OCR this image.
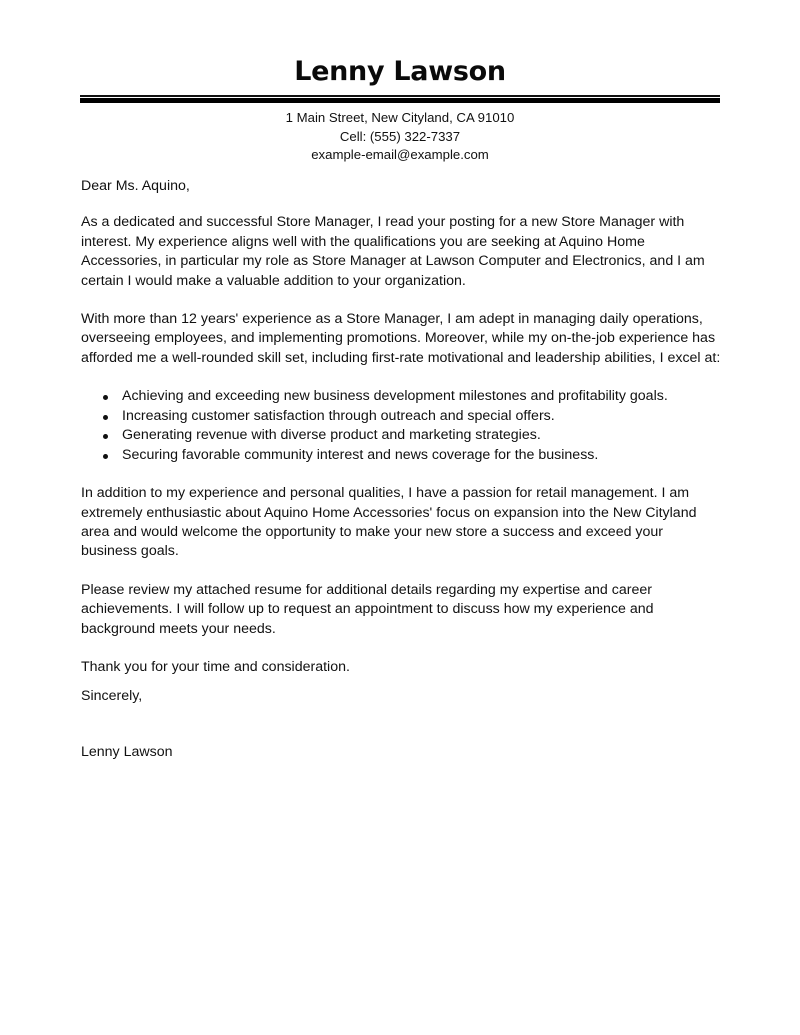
Lenny Lawson
1 Main Street, New Cityland, CA 91010
Cell: (555) 322-7337
example-email@example.com

Dear Ms. Aquino,

As a dedicated and successful Store Manager, I read your posting for a new Store Manager with interest. My experience aligns well with the qualifications you are seeking at Aquino Home Accessories, in particular my role as Store Manager at Lawson Computer and Electronics, and I am certain I would make a valuable addition to your organization.

With more than 12 years' experience as a Store Manager, I am adept in managing daily operations, overseeing employees, and implementing promotions. Moreover, while my on-the-job experience has afforded me a well-rounded skill set, including first-rate motivational and leadership abilities, I excel at:

Achieving and exceeding new business development milestones and profitability goals.
Increasing customer satisfaction through outreach and special offers.
Generating revenue with diverse product and marketing strategies.
Securing favorable community interest and news coverage for the business.

In addition to my experience and personal qualities, I have a passion for retail management. I am extremely enthusiastic about Aquino Home Accessories' focus on expansion into the New Cityland area and would welcome the opportunity to make your new store a success and exceed your business goals.

Please review my attached resume for additional details regarding my expertise and career achievements. I will follow up to request an appointment to discuss how my experience and background meets your needs.

Thank you for your time and consideration.

Sincerely,

Lenny Lawson
